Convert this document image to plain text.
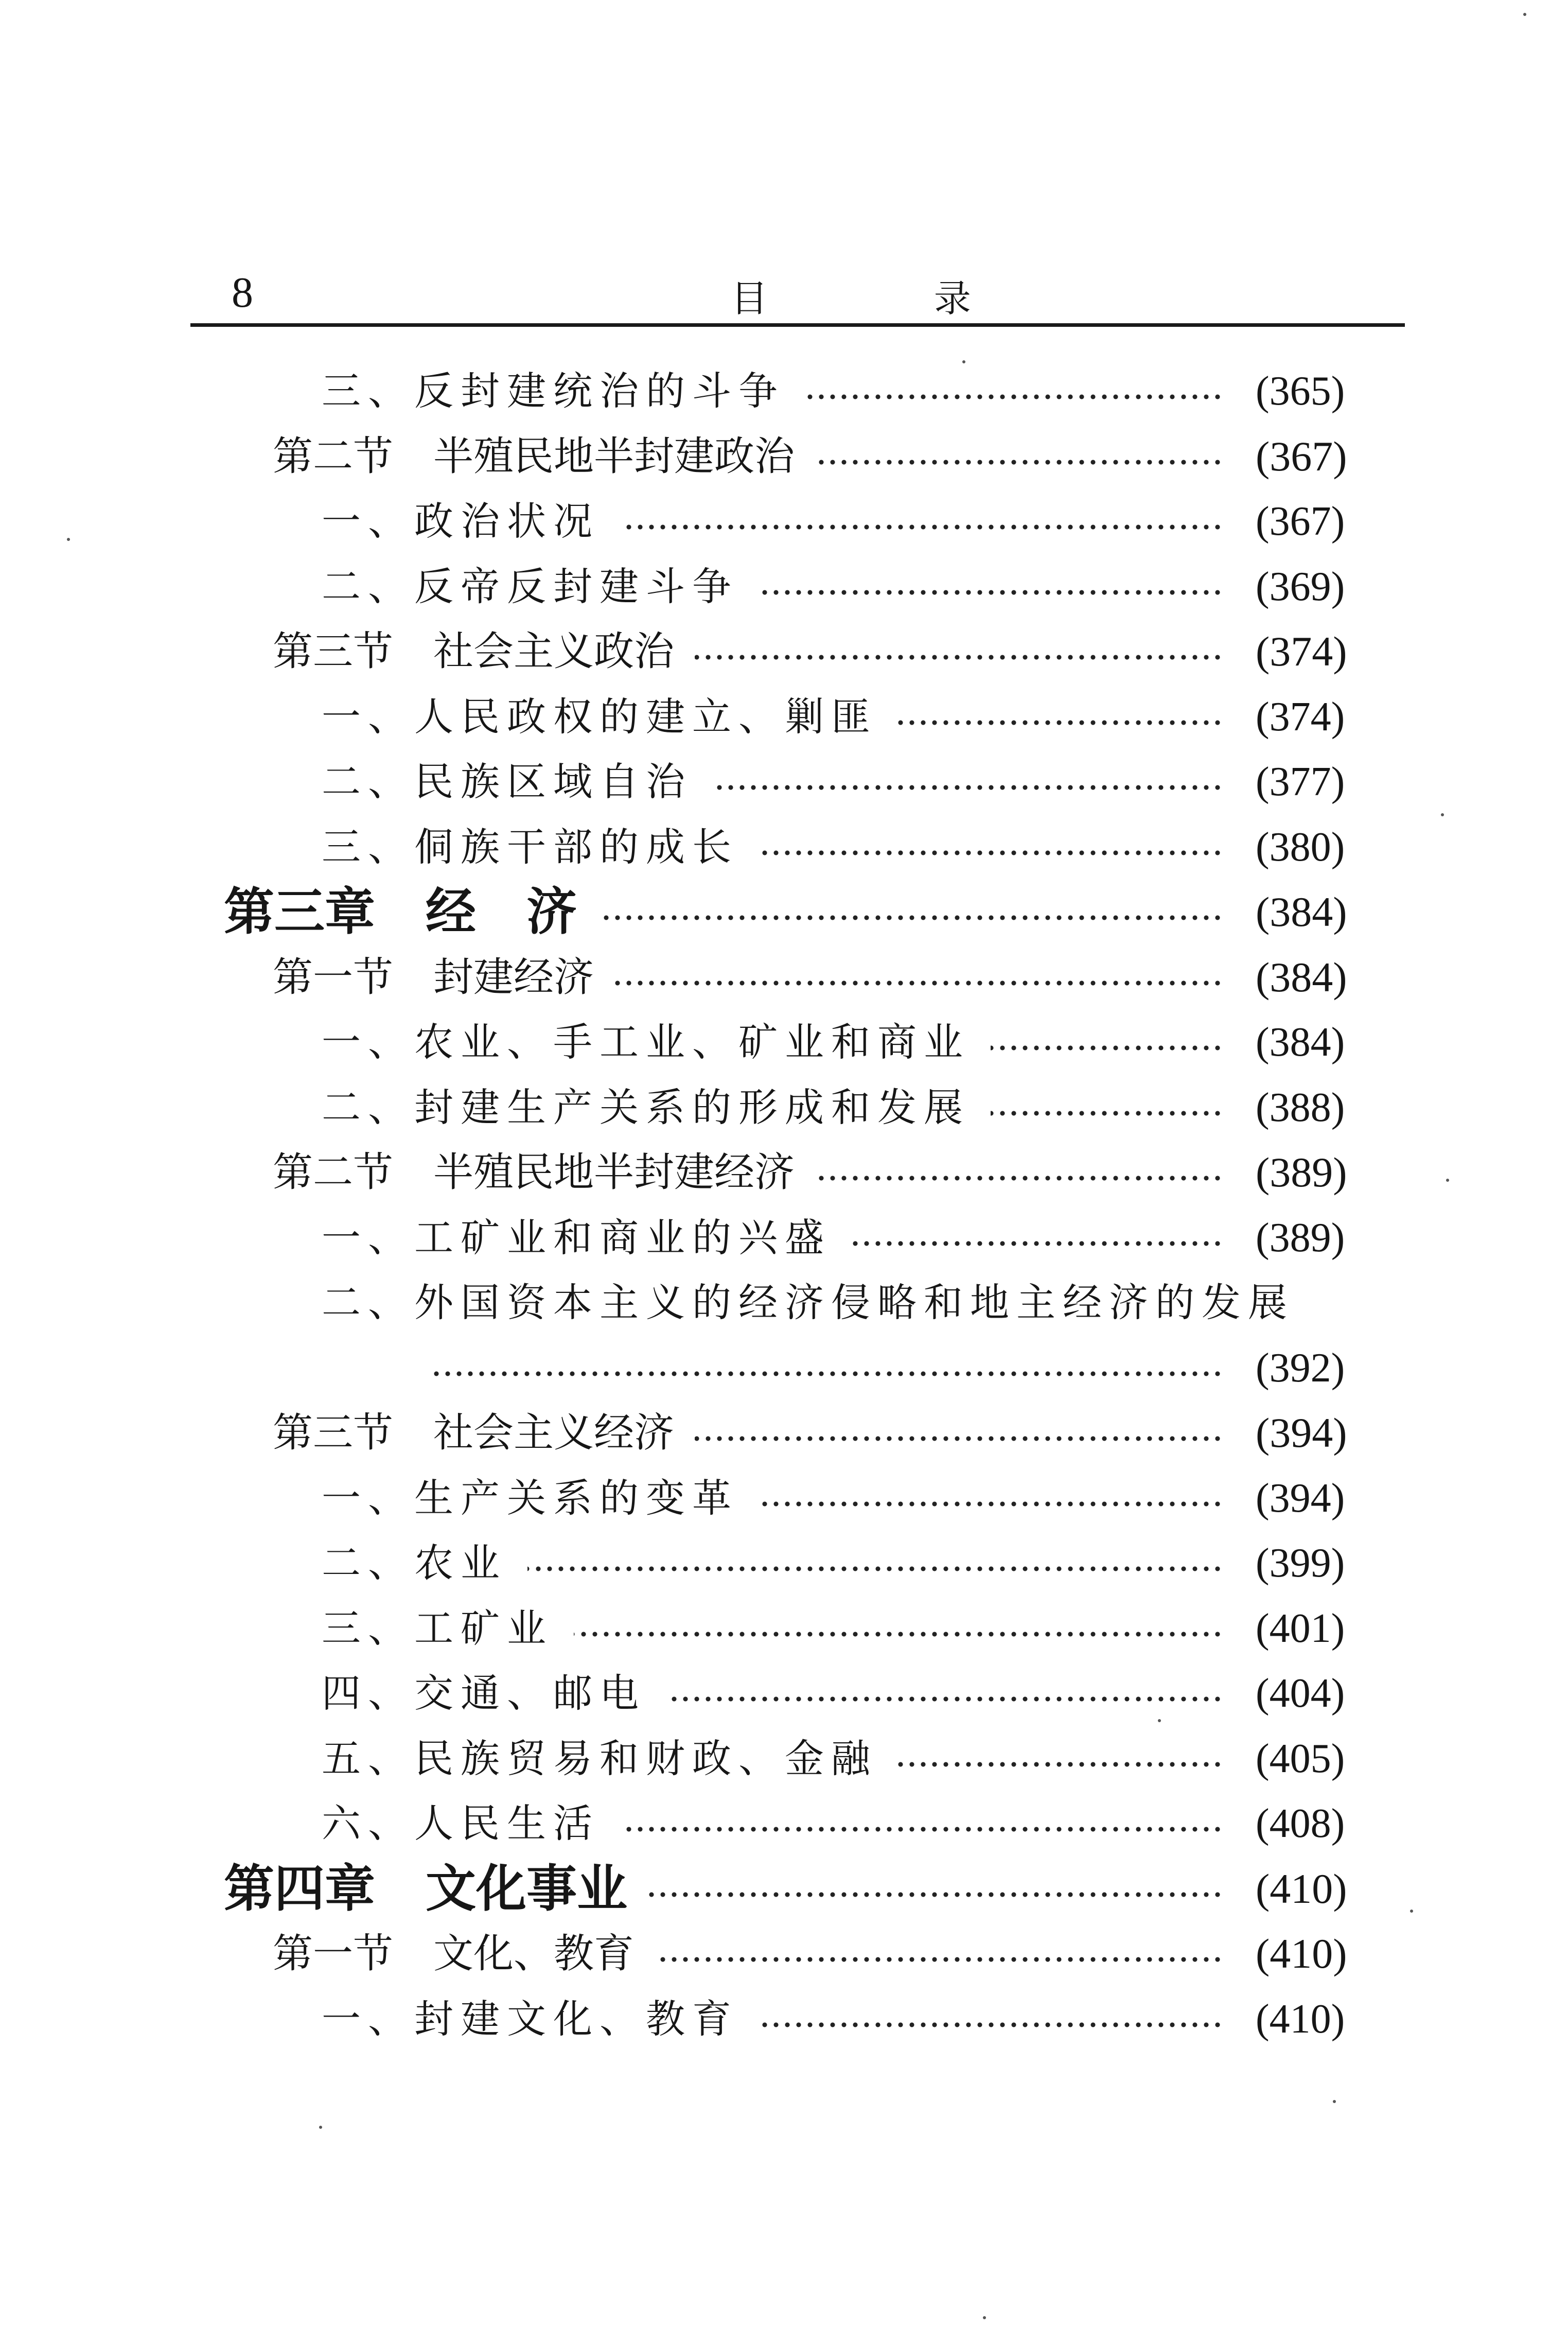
8	目 录
三、反封建统治的斗争	(365)
第二节　半殖民地半封建政治	(367)
一、政治状况	(367)
二、反帝反封建斗争	(369)
第三节　社会主义政治	(374)
一、人民政权的建立、剿匪	(374)
二、民族区域自治	(377)
三、侗族干部的成长	(380)
第三章　经　济	(384)
第一节　封建经济	(384)
一、农业、手工业、矿业和商业	(384)
二、封建生产关系的形成和发展	(388)
第二节　半殖民地半封建经济	(389)
一、工矿业和商业的兴盛	(389)
二、外国资本主义的经济侵略和地主经济的发展
(392)
第三节　社会主义经济	(394)
一、生产关系的变革	(394)
二、农业	(399)
三、工矿业	(401)
四、交通、邮电	(404)
五、民族贸易和财政、金融	(405)
六、人民生活	(408)
第四章　文化事业	(410)
第一节　文化、教育	(410)
一、封建文化、教育	(410)
